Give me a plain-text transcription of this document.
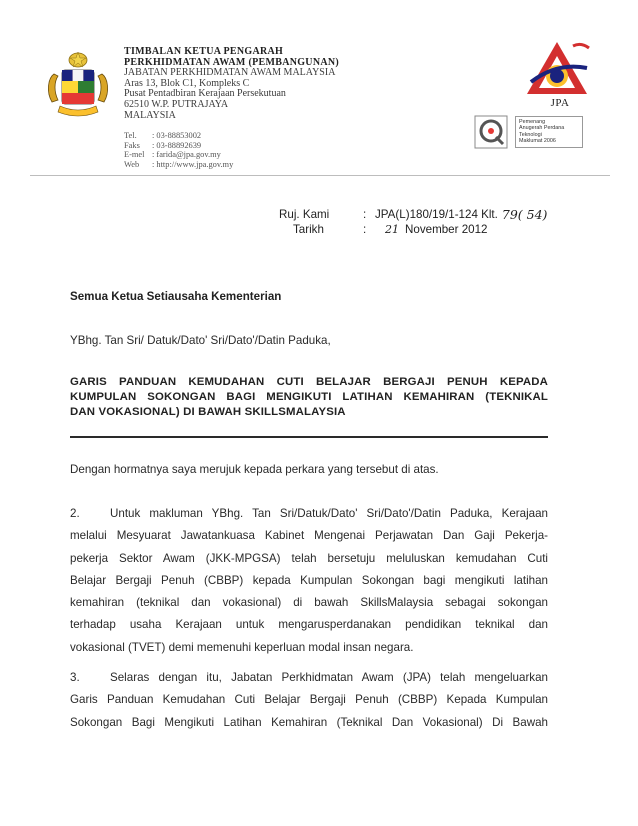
TIMBALAN KETUA PENGARAH
PERKHIDMATAN AWAM (PEMBANGUNAN)
JABATAN PERKHIDMATAN AWAM MALAYSIA
Aras 13, Blok C1, Kompleks C
Pusat Pentadbiran Kerajaan Persekutuan
62510 W.P. PUTRAJAYA
MALAYSIA
Tel.	: 03-88853002
Faks	: 03-88892639
E-mel : farida@jpa.gov.my
Web	: http://www.jpa.gov.my
JPA
Pemenang
Anugerah Perdana
Teknologi
Maklumat 2006
Ruj. Kami	: JPA(L)180/19/1-124 Klt. 79( 54)
Tarikh	:	21 November 2012
Semua Ketua Setiausaha Kementerian
YBhg. Tan Sri/ Datuk/Dato' Sri/Dato'/Datin Paduka,
GARIS PANDUAN KEMUDAHAN CUTI BELAJAR BERGAJI PENUH KEPADA
KUMPULAN SOKONGAN BAGI MENGIKUTI LATIHAN KEMAHIRAN (TEKNIKAL
DAN VOKASIONAL) DI BAWAH SKILLSMALAYSIA
Dengan hormatnya saya merujuk kepada perkara yang tersebut di atas.
2.	Untuk makluman YBhg. Tan Sri/Datuk/Dato' Sri/Dato'/Datin Paduka, Kerajaan
melalui Mesyuarat Jawatankuasa Kabinet Mengenai Perjawatan Dan Gaji Pekerja-
pekerja Sektor Awam (JKK-MPGSA) telah bersetuju meluluskan kemudahan Cuti
Belajar Bergaji Penuh (CBBP) kepada Kumpulan Sokongan bagi mengikuti latihan
kemahiran (teknikal dan vokasional) di bawah SkillsMalaysia sebagai sokongan
terhadap usaha Kerajaan untuk mengarusperdanakan pendidikan teknikal dan
vokasional (TVET) demi memenuhi keperluan modal insan negara.
3.	Selaras dengan itu, Jabatan Perkhidmatan Awam (JPA) telah mengeluarkan
Garis Panduan Kemudahan Cuti Belajar Bergaji Penuh (CBBP) Kepada Kumpulan
Sokongan Bagi Mengikuti Latihan Kemahiran (Teknikal Dan Vokasional) Di Bawah
